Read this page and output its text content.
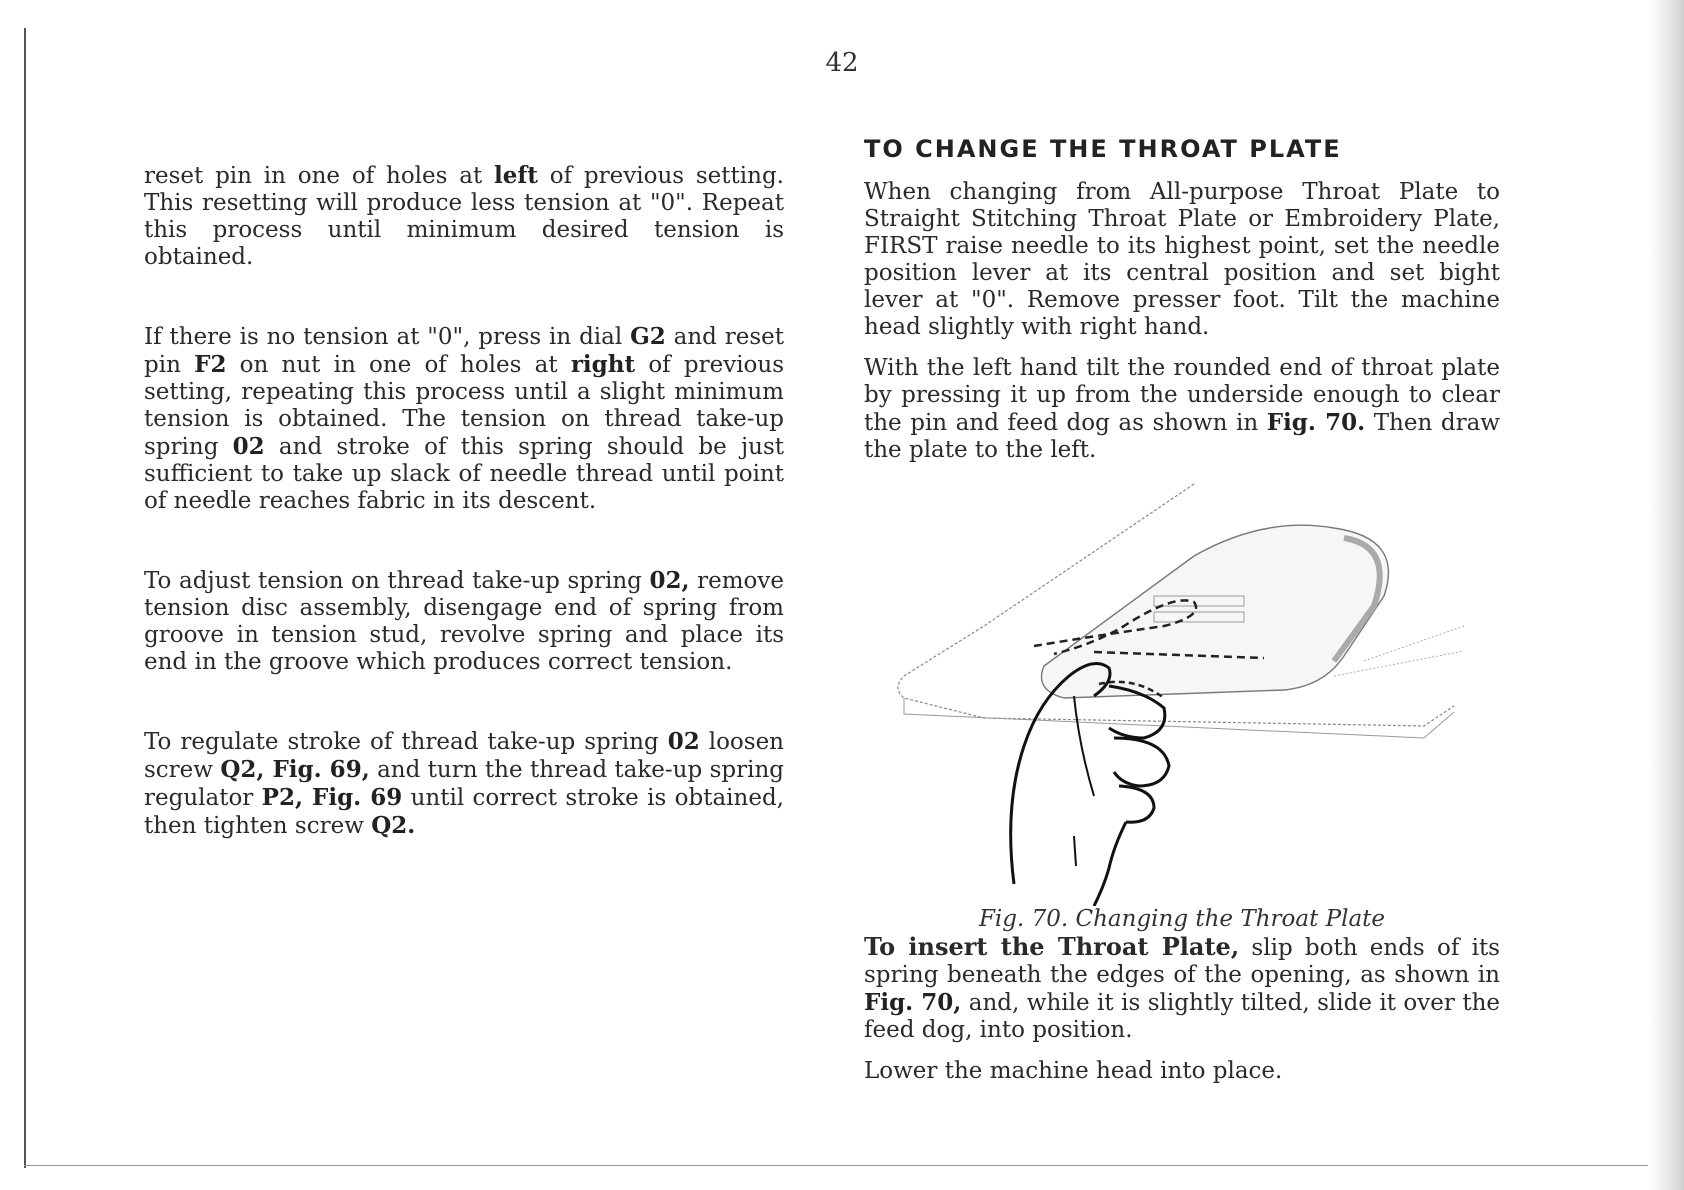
42

reset pin in one of holes at left of previous setting. This resetting will produce less tension at "0". Repeat this process until minimum desired tension is obtained.

If there is no tension at "0", press in dial G2 and reset pin F2 on nut in one of holes at right of previous setting, repeating this process until a slight minimum tension is obtained. The tension on thread take-up spring 02 and stroke of this spring should be just sufficient to take up slack of needle thread until point of needle reaches fabric in its descent.

To adjust tension on thread take-up spring 02, remove tension disc assembly, disengage end of spring from groove in tension stud, revolve spring and place its end in the groove which produces correct tension.

To regulate stroke of thread take-up spring 02 loosen screw Q2, Fig. 69, and turn the thread take-up spring regulator P2, Fig. 69 until correct stroke is obtained, then tighten screw Q2.

TO CHANGE THE THROAT PLATE

When changing from All-purpose Throat Plate to Straight Stitching Throat Plate or Embroidery Plate, FIRST raise needle to its highest point, set the needle position lever at its central position and set bight lever at "0". Remove presser foot. Tilt the machine head slightly with right hand.

With the left hand tilt the rounded end of throat plate by pressing it up from the underside enough to clear the pin and feed dog as shown in Fig. 70. Then draw the plate to the left.

Fig. 70. Changing the Throat Plate

To insert the Throat Plate, slip both ends of its spring beneath the edges of the opening, as shown in Fig. 70, and, while it is slightly tilted, slide it over the feed dog, into position.

Lower the machine head into place.
